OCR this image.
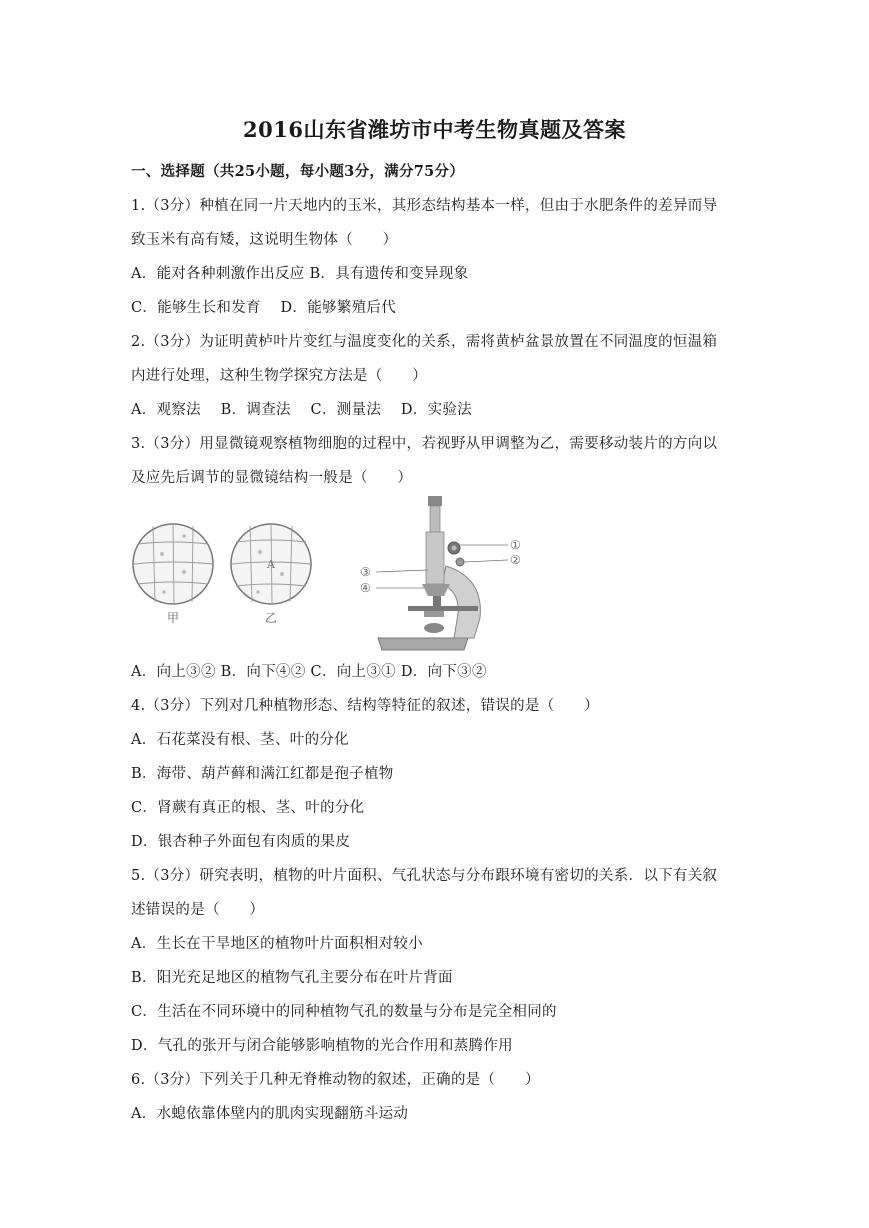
2016山东省潍坊市中考生物真题及答案
一、选择题（共25小题，每小题3分，满分75分）
1.（3分）种植在同一片天地内的玉米，其形态结构基本一样，但由于水肥条件的差异而导
致玉米有高有矮，这说明生物体（　　）
A．能对各种刺激作出反应 B．具有遗传和变异现象
C．能够生长和发育　 D．能够繁殖后代
2.（3分）为证明黄栌叶片变红与温度变化的关系，需将黄栌盆景放置在不同温度的恒温箱
内进行处理，这种生物学探究方法是（　　）
A．观察法　 B．调查法　 C．测量法　 D．实验法
3.（3分）用显微镜观察植物细胞的过程中，若视野从甲调整为乙，需要移动装片的方向以
及应先后调节的显微镜结构一般是（　　）
甲
A
乙
①
②
③
④
A．向上③② B．向下④② C．向上③① D．向下③②
4.（3分）下列对几种植物形态、结构等特征的叙述，错误的是（　　）
A．石花菜没有根、茎、叶的分化
B．海带、葫芦藓和满江红都是孢子植物
C．肾蕨有真正的根、茎、叶的分化
D．银杏种子外面包有肉质的果皮
5.（3分）研究表明，植物的叶片面积、气孔状态与分布跟环境有密切的关系．以下有关叙
述错误的是（　　）
A．生长在干旱地区的植物叶片面积相对较小
B．阳光充足地区的植物气孔主要分布在叶片背面
C．生活在不同环境中的同种植物气孔的数量与分布是完全相同的
D．气孔的张开与闭合能够影响植物的光合作用和蒸腾作用
6.（3分）下列关于几种无脊椎动物的叙述，正确的是（　　）
A．水螅依靠体壁内的肌肉实现翻筋斗运动
